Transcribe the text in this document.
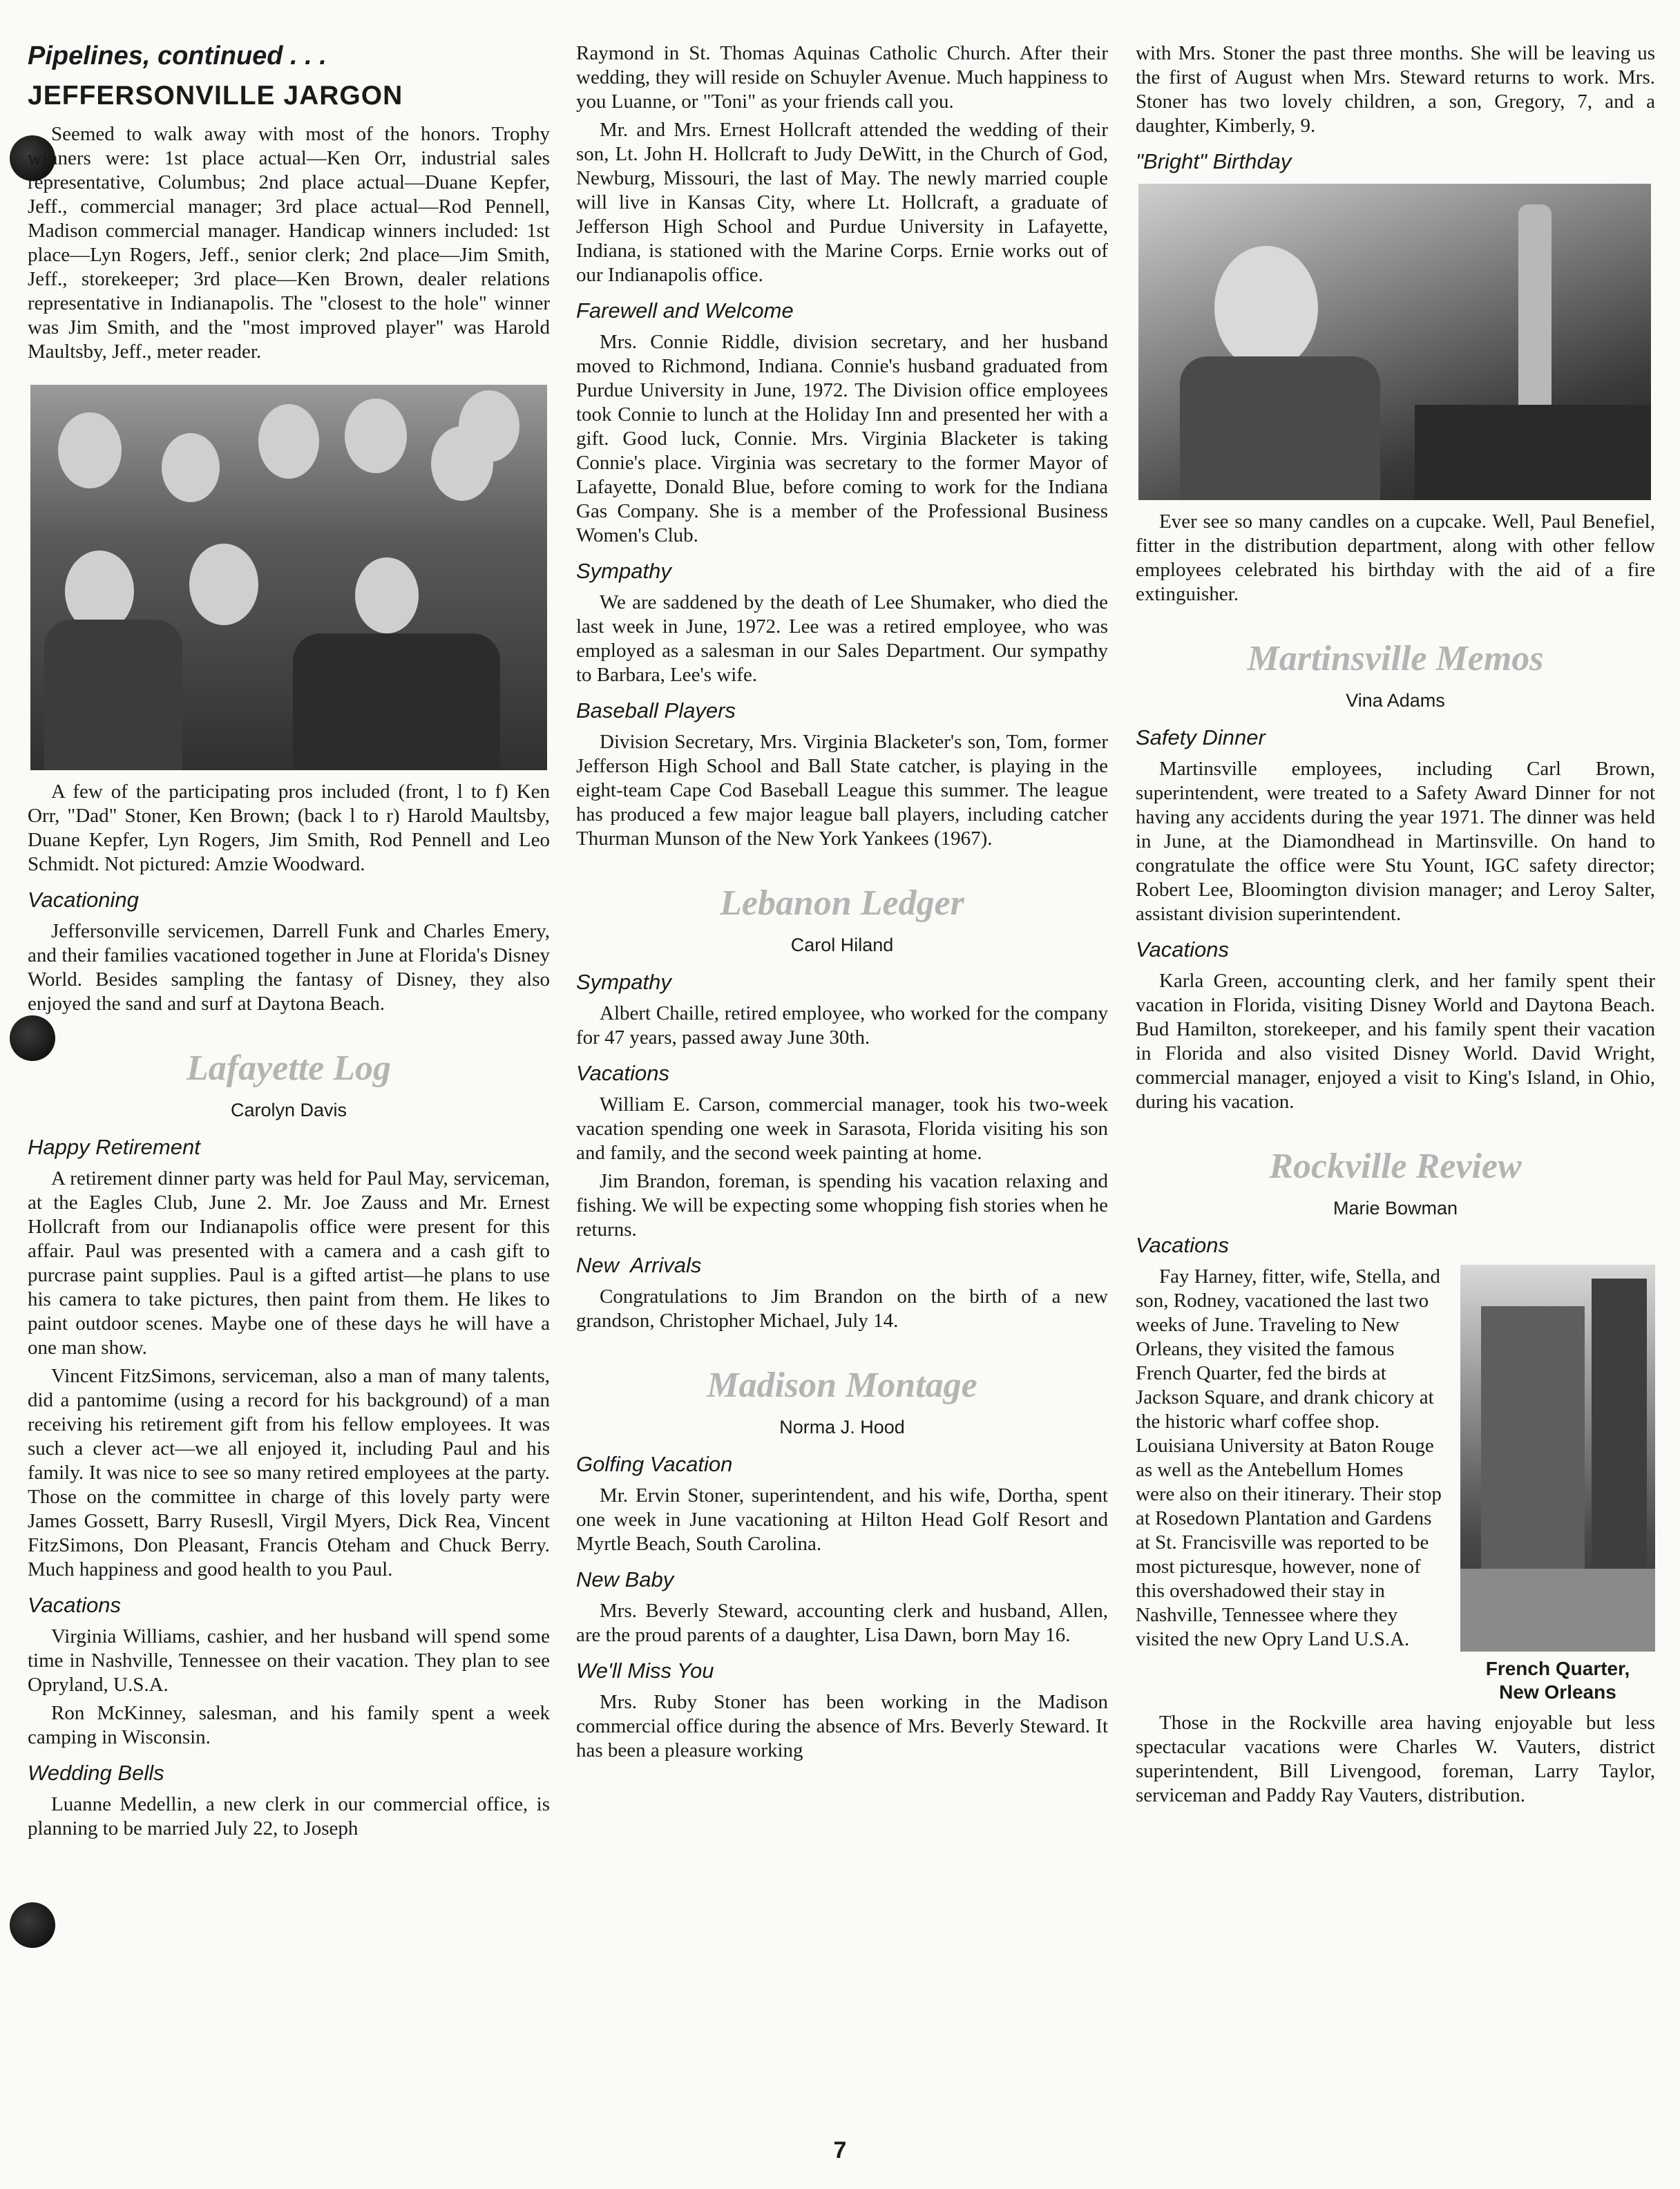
Pipelines, continued . . .
JEFFERSONVILLE JARGON

Seemed to walk away with most of the honors. Trophy winners were: 1st place actual—Ken Orr, industrial sales representative, Columbus; 2nd place actual—Duane Kepfer, Jeff., commercial manager; 3rd place actual—Rod Pennell, Madison commercial manager. Handicap winners included: 1st place—Lyn Rogers, Jeff., senior clerk; 2nd place—Jim Smith, Jeff., storekeeper; 3rd place—Ken Brown, dealer relations representative in Indianapolis. The "closest to the hole" winner was Jim Smith, and the "most improved player" was Harold Maultsby, Jeff., meter reader.

A few of the participating pros included (front, l to f) Ken Orr, "Dad" Stoner, Ken Brown; (back l to r) Harold Maultsby, Duane Kepfer, Lyn Rogers, Jim Smith, Rod Pennell and Leo Schmidt. Not pictured: Amzie Woodward.
Vacationing

Jeffersonville servicemen, Darrell Funk and Charles Emery, and their families vacationed together in June at Florida's Disney World. Besides sampling the fantasy of Disney, they also enjoyed the sand and surf at Daytona Beach.

Lafayette Log
Carolyn Davis
Happy Retirement

A retirement dinner party was held for Paul May, serviceman, at the Eagles Club, June 2. Mr. Joe Zauss and Mr. Ernest Hollcraft from our Indianapolis office were present for this affair. Paul was presented with a camera and a cash gift to purcrase paint supplies. Paul is a gifted artist—he plans to use his camera to take pictures, then paint from them. He likes to paint outdoor scenes. Maybe one of these days he will have a one man show.

Vincent FitzSimons, serviceman, also a man of many talents, did a pantomime (using a record for his background) of a man receiving his retirement gift from his fellow employees. It was such a clever act—we all enjoyed it, including Paul and his family. It was nice to see so many retired employees at the party. Those on the committee in charge of this lovely party were James Gossett, Barry Rusesll, Virgil Myers, Dick Rea, Vincent FitzSimons, Don Pleasant, Francis Oteham and Chuck Berry. Much happiness and good health to you Paul.

Vacations

Virginia Williams, cashier, and her husband will spend some time in Nashville, Tennessee on their vacation. They plan to see Opryland, U.S.A.

Ron McKinney, salesman, and his family spent a week camping in Wisconsin.

Wedding Bells

Luanne Medellin, a new clerk in our commercial office, is planning to be married July 22, to Joseph

Raymond in St. Thomas Aquinas Catholic Church. After their wedding, they will reside on Schuyler Avenue. Much happiness to you Luanne, or "Toni" as your friends call you.

Mr. and Mrs. Ernest Hollcraft attended the wedding of their son, Lt. John H. Hollcraft to Judy DeWitt, in the Church of God, Newburg, Missouri, the last of May. The newly married couple will live in Kansas City, where Lt. Hollcraft, a graduate of Jefferson High School and Purdue University in Lafayette, Indiana, is stationed with the Marine Corps. Ernie works out of our Indianapolis office.

Farewell and Welcome

Mrs. Connie Riddle, division secretary, and her husband moved to Richmond, Indiana. Connie's husband graduated from Purdue University in June, 1972. The Division office employees took Connie to lunch at the Holiday Inn and presented her with a gift. Good luck, Connie. Mrs. Virginia Blacketer is taking Connie's place. Virginia was secretary to the former Mayor of Lafayette, Donald Blue, before coming to work for the Indiana Gas Company. She is a member of the Professional Business Women's Club.

Sympathy

We are saddened by the death of Lee Shumaker, who died the last week in June, 1972. Lee was a retired employee, who was employed as a salesman in our Sales Department. Our sympathy to Barbara, Lee's wife.

Baseball Players

Division Secretary, Mrs. Virginia Blacketer's son, Tom, former Jefferson High School and Ball State catcher, is playing in the eight-team Cape Cod Baseball League this summer. The league has produced a few major league ball players, including catcher Thurman Munson of the New York Yankees (1967).

Lebanon Ledger
Carol Hiland
Sympathy

Albert Chaille, retired employee, who worked for the company for 47 years, passed away June 30th.

Vacations

William E. Carson, commercial manager, took his two-week vacation spending one week in Sarasota, Florida visiting his son and family, and the second week painting at home.

Jim Brandon, foreman, is spending his vacation relaxing and fishing. We will be expecting some whopping fish stories when he returns.

New  Arrivals

Congratulations to Jim Brandon on the birth of a new grandson, Christopher Michael, July 14.

Madison Montage
Norma J. Hood
Golfing Vacation

Mr. Ervin Stoner, superintendent, and his wife, Dortha, spent one week in June vacationing at Hilton Head Golf Resort and Myrtle Beach, South Carolina.

New Baby

Mrs. Beverly Steward, accounting clerk and husband, Allen, are the proud parents of a daughter, Lisa Dawn, born May 16.

We'll Miss You

Mrs. Ruby Stoner has been working in the Madison commercial office during the absence of Mrs. Beverly Steward. It has been a pleasure working

with Mrs. Stoner the past three months. She will be leaving us the first of August when Mrs. Steward returns to work. Mrs. Stoner has two lovely children, a son, Gregory, 7, and a daughter, Kimberly, 9.

"Bright" Birthday
Ever see so many candles on a cupcake. Well, Paul Benefiel, fitter in the distribution department, along with other fellow employees celebrated his birthday with the aid of a fire extinguisher.
Martinsville Memos
Vina Adams
Safety Dinner

Martinsville employees, including Carl Brown, superintendent, were treated to a Safety Award Dinner for not having any accidents during the year 1971. The dinner was held in June, at the Diamondhead in Martinsville. On hand to congratulate the office were Stu Yount, IGC safety director; Robert Lee, Bloomington division manager; and Leroy Salter, assistant division superintendent.

Vacations

Karla Green, accounting clerk, and her family spent their vacation in Florida, visiting Disney World and Daytona Beach. Bud Hamilton, storekeeper, and his family spent their vacation in Florida and also visited Disney World. David Wright, commercial manager, enjoyed a visit to King's Island, in Ohio, during his vacation.

Rockville Review
Marie Bowman
Vacations
French Quarter,
New Orleans

Fay Harney, fitter, wife, Stella, and son, Rodney, vacationed the last two weeks of June. Traveling to New Orleans, they visited the famous French Quarter, fed the birds at Jackson Square, and drank chicory at the historic wharf coffee shop. Louisiana University at Baton Rouge as well as the Antebellum Homes were also on their itinerary. Their stop at Rosedown Plantation and Gardens at St. Francisville was reported to be most picturesque, however, none of this overshadowed their stay in Nashville, Tennessee where they visited the new Opry Land U.S.A.

Those in the Rockville area having enjoyable but less spectacular vacations were Charles W. Vauters, district superintendent, Bill Livengood, foreman, Larry Taylor, serviceman and Paddy Ray Vauters, distribution.

7
